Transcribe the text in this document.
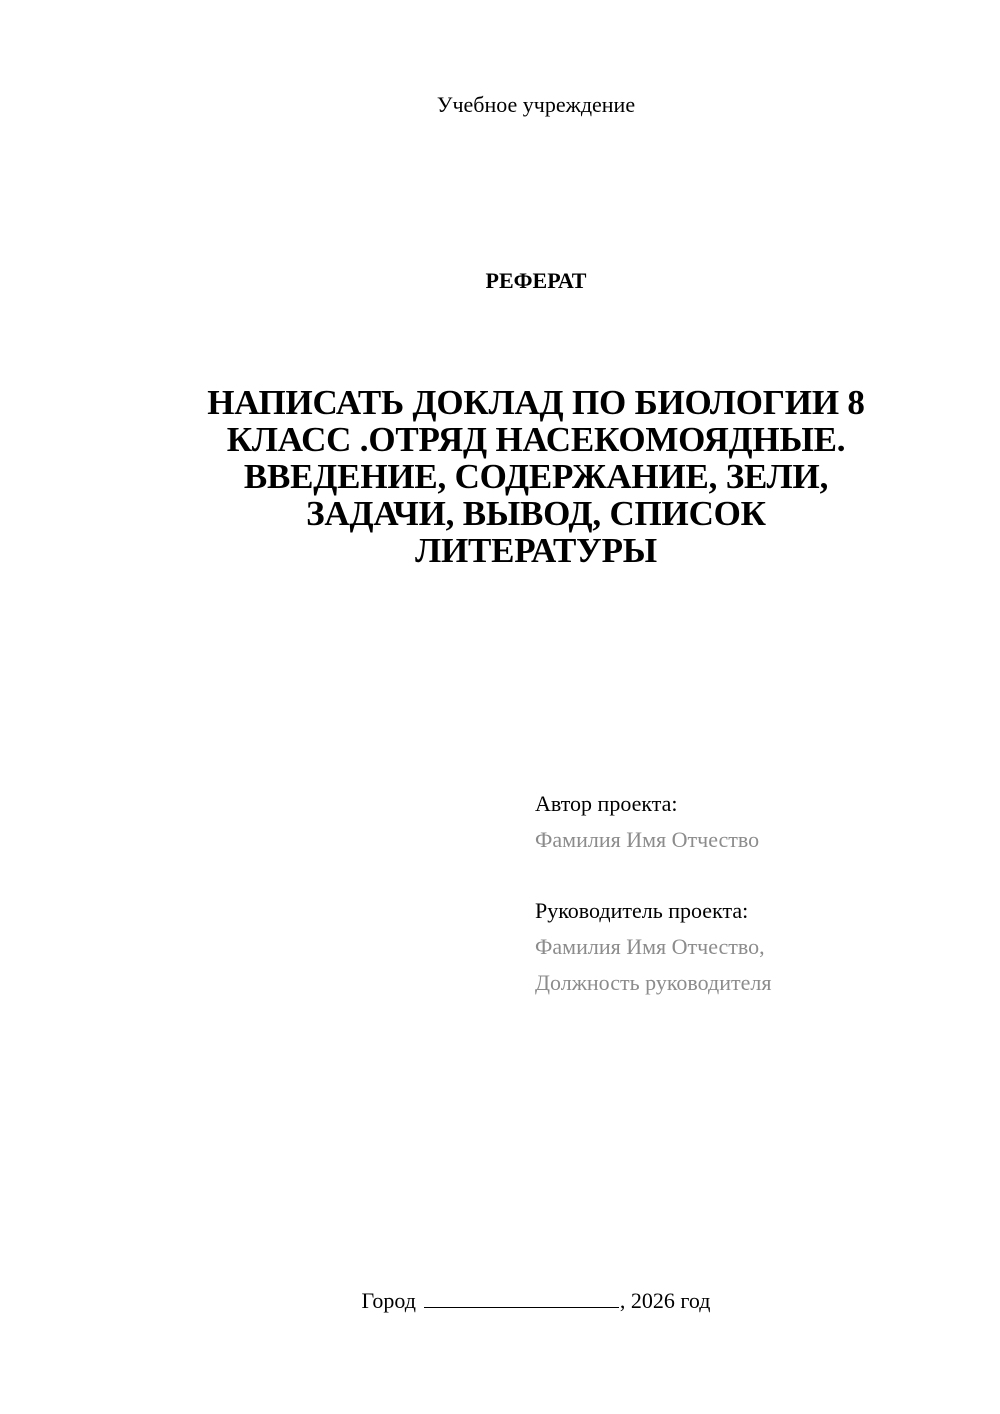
Учебное учреждение
РЕФЕРАТ
НАПИСАТЬ ДОКЛАД ПО БИОЛОГИИ 8
КЛАСС .ОТРЯД НАСЕКОМОЯДНЫЕ.
ВВЕДЕНИЕ, СОДЕРЖАНИЕ, ЗЕЛИ,
ЗАДАЧИ, ВЫВОД, СПИСОК
ЛИТЕРАТУРЫ

Автор проекта:

Фамилия Имя Отчество

Руководитель проекта:

Фамилия Имя Отчество,

Должность руководителя

Город	, 2026 год
